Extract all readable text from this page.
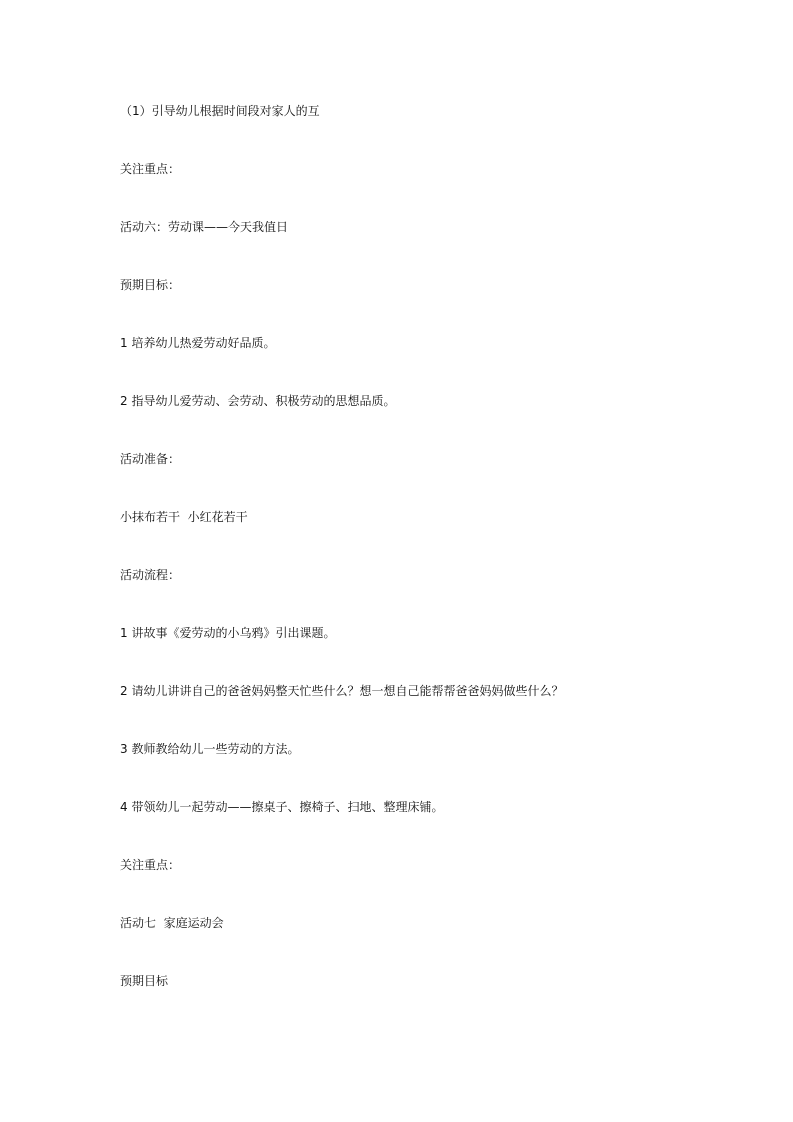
（1）引导幼儿根据时间段对家人的互

关注重点：

活动六：劳动课——今天我值日

预期目标：

1 培养幼儿热爱劳动好品质。

2 指导幼儿爱劳动、会劳动、积极劳动的思想品质。

活动准备：

小抹布若干  小红花若干

活动流程：

1 讲故事《爱劳动的小乌鸦》引出课题。

2 请幼儿讲讲自己的爸爸妈妈整天忙些什么？想一想自己能帮帮爸爸妈妈做些什么？

3 教师教给幼儿一些劳动的方法。

4 带领幼儿一起劳动——擦桌子、擦椅子、扫地、整理床铺。

关注重点：

活动七  家庭运动会

预期目标
